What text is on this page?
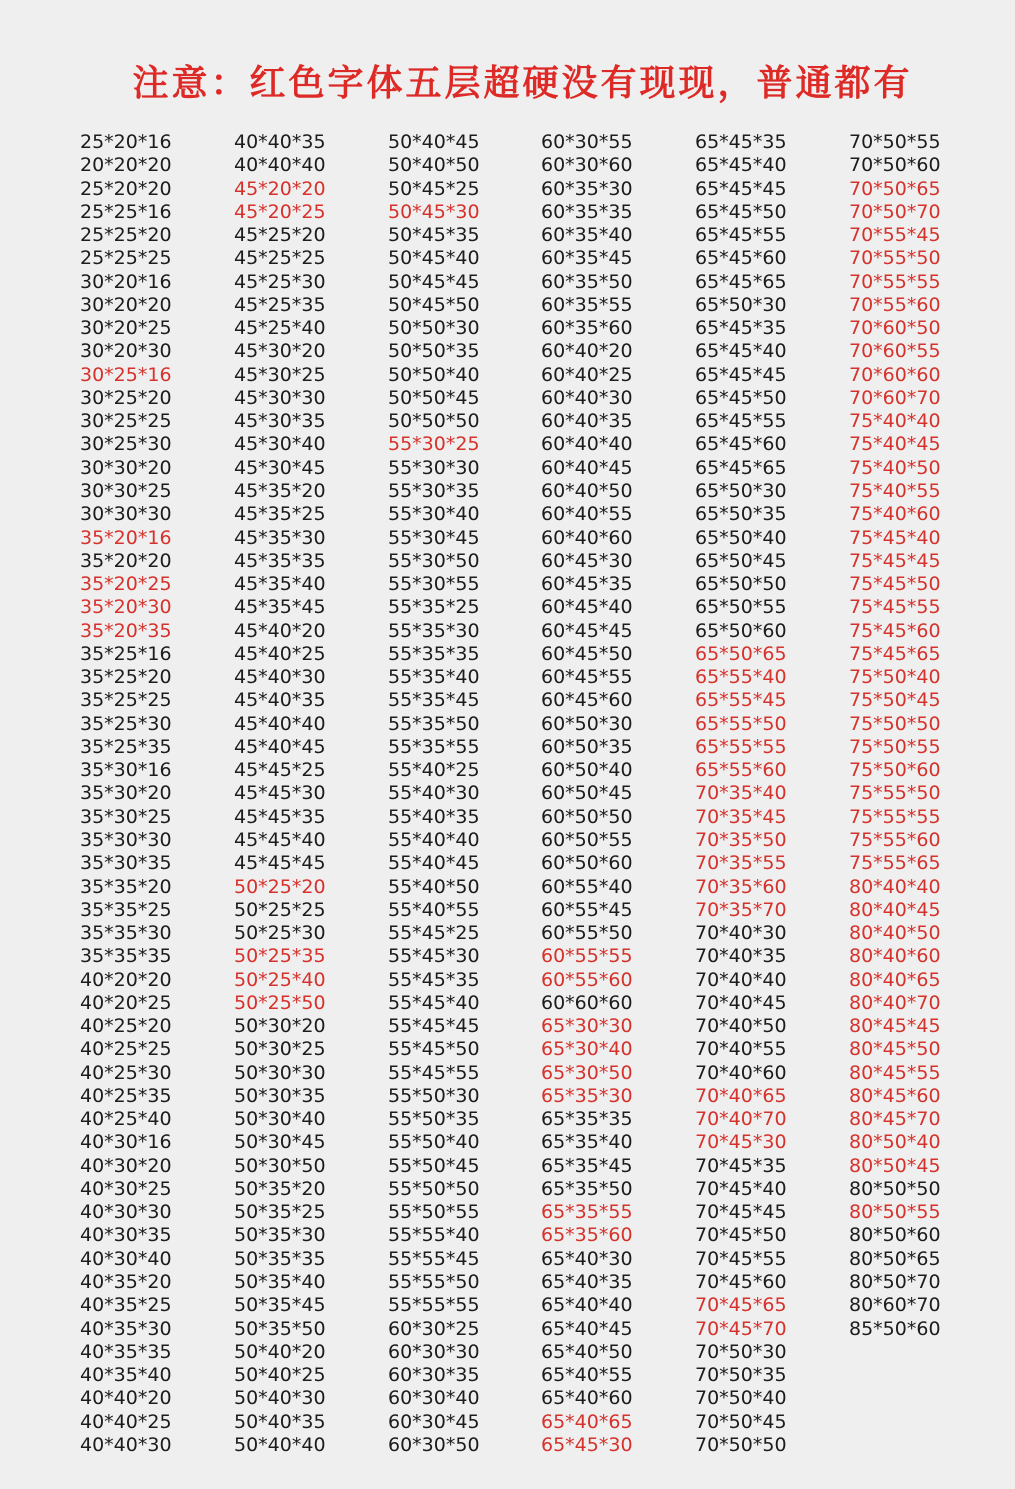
注意：红色字体五层超硬没有现现，普通都有
25*20*16
20*20*20
25*20*20
25*25*16
25*25*20
25*25*25
30*20*16
30*20*20
30*20*25
30*20*30
30*25*16
30*25*20
30*25*25
30*25*30
30*30*20
30*30*25
30*30*30
35*20*16
35*20*20
35*20*25
35*20*30
35*20*35
35*25*16
35*25*20
35*25*25
35*25*30
35*25*35
35*30*16
35*30*20
35*30*25
35*30*30
35*30*35
35*35*20
35*35*25
35*35*30
35*35*35
40*20*20
40*20*25
40*25*20
40*25*25
40*25*30
40*25*35
40*25*40
40*30*16
40*30*20
40*30*25
40*30*30
40*30*35
40*30*40
40*35*20
40*35*25
40*35*30
40*35*35
40*35*40
40*40*20
40*40*25
40*40*30
40*40*35
40*40*40
45*20*20
45*20*25
45*25*20
45*25*25
45*25*30
45*25*35
45*25*40
45*30*20
45*30*25
45*30*30
45*30*35
45*30*40
45*30*45
45*35*20
45*35*25
45*35*30
45*35*35
45*35*40
45*35*45
45*40*20
45*40*25
45*40*30
45*40*35
45*40*40
45*40*45
45*45*25
45*45*30
45*45*35
45*45*40
45*45*45
50*25*20
50*25*25
50*25*30
50*25*35
50*25*40
50*25*50
50*30*20
50*30*25
50*30*30
50*30*35
50*30*40
50*30*45
50*30*50
50*35*20
50*35*25
50*35*30
50*35*35
50*35*40
50*35*45
50*35*50
50*40*20
50*40*25
50*40*30
50*40*35
50*40*40
50*40*45
50*40*50
50*45*25
50*45*30
50*45*35
50*45*40
50*45*45
50*45*50
50*50*30
50*50*35
50*50*40
50*50*45
50*50*50
55*30*25
55*30*30
55*30*35
55*30*40
55*30*45
55*30*50
55*30*55
55*35*25
55*35*30
55*35*35
55*35*40
55*35*45
55*35*50
55*35*55
55*40*25
55*40*30
55*40*35
55*40*40
55*40*45
55*40*50
55*40*55
55*45*25
55*45*30
55*45*35
55*45*40
55*45*45
55*45*50
55*45*55
55*50*30
55*50*35
55*50*40
55*50*45
55*50*50
55*50*55
55*55*40
55*55*45
55*55*50
55*55*55
60*30*25
60*30*30
60*30*35
60*30*40
60*30*45
60*30*50
60*30*55
60*30*60
60*35*30
60*35*35
60*35*40
60*35*45
60*35*50
60*35*55
60*35*60
60*40*20
60*40*25
60*40*30
60*40*35
60*40*40
60*40*45
60*40*50
60*40*55
60*40*60
60*45*30
60*45*35
60*45*40
60*45*45
60*45*50
60*45*55
60*45*60
60*50*30
60*50*35
60*50*40
60*50*45
60*50*50
60*50*55
60*50*60
60*55*40
60*55*45
60*55*50
60*55*55
60*55*60
60*60*60
65*30*30
65*30*40
65*30*50
65*35*30
65*35*35
65*35*40
65*35*45
65*35*50
65*35*55
65*35*60
65*40*30
65*40*35
65*40*40
65*40*45
65*40*50
65*40*55
65*40*60
65*40*65
65*45*30
65*45*35
65*45*40
65*45*45
65*45*50
65*45*55
65*45*60
65*45*65
65*50*30
65*45*35
65*45*40
65*45*45
65*45*50
65*45*55
65*45*60
65*45*65
65*50*30
65*50*35
65*50*40
65*50*45
65*50*50
65*50*55
65*50*60
65*50*65
65*55*40
65*55*45
65*55*50
65*55*55
65*55*60
70*35*40
70*35*45
70*35*50
70*35*55
70*35*60
70*35*70
70*40*30
70*40*35
70*40*40
70*40*45
70*40*50
70*40*55
70*40*60
70*40*65
70*40*70
70*45*30
70*45*35
70*45*40
70*45*45
70*45*50
70*45*55
70*45*60
70*45*65
70*45*70
70*50*30
70*50*35
70*50*40
70*50*45
70*50*50
70*50*55
70*50*60
70*50*65
70*50*70
70*55*45
70*55*50
70*55*55
70*55*60
70*60*50
70*60*55
70*60*60
70*60*70
75*40*40
75*40*45
75*40*50
75*40*55
75*40*60
75*45*40
75*45*45
75*45*50
75*45*55
75*45*60
75*45*65
75*50*40
75*50*45
75*50*50
75*50*55
75*50*60
75*55*50
75*55*55
75*55*60
75*55*65
80*40*40
80*40*45
80*40*50
80*40*60
80*40*65
80*40*70
80*45*45
80*45*50
80*45*55
80*45*60
80*45*70
80*50*40
80*50*45
80*50*50
80*50*55
80*50*60
80*50*65
80*50*70
80*60*70
85*50*60
